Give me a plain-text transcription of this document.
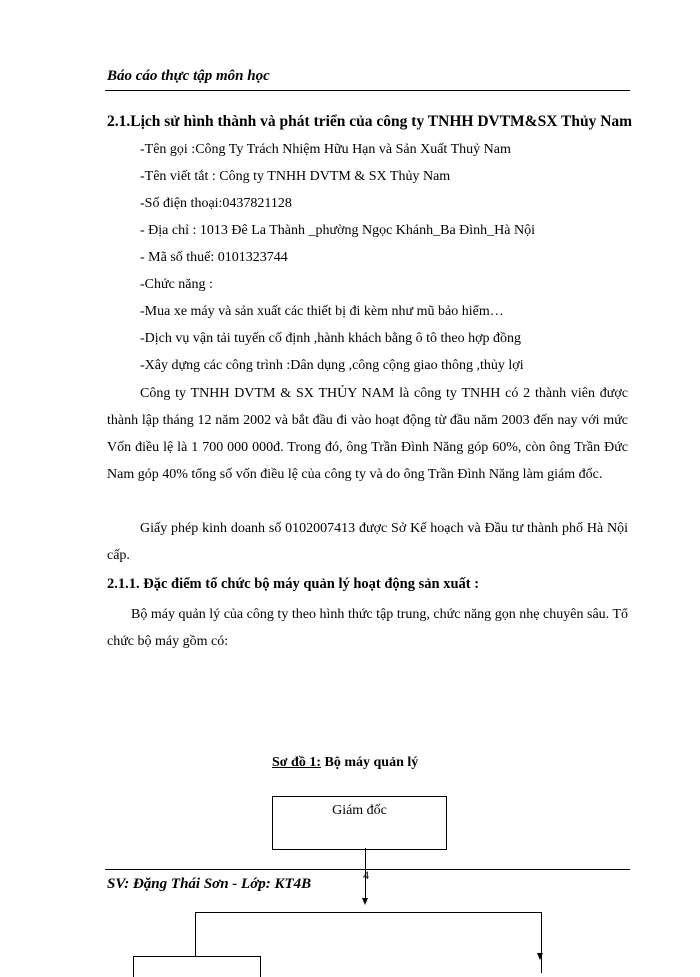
Báo cáo thực tập môn học
2.1.Lịch sử hình thành và phát triển của công ty TNHH DVTM&SX Thủy Nam
-Tên gọi :Công Ty Trách Nhiệm Hữu Hạn và Sản Xuất Thuỷ Nam
-Tên viết tắt : Công ty TNHH DVTM & SX Thủy Nam
-Số điện thoại:0437821128
- Địa chỉ : 1013 Đê La Thành _phường Ngọc Khánh_Ba Đình_Hà Nội
- Mã số thuế: 0101323744
-Chức năng :
-Mua xe máy và sản xuất các thiết bị đi kèm như mũ bảo hiểm…
-Dịch vụ vận tải tuyến cố định ,hành khách bằng ô tô theo hợp đồng
-Xây dựng các công trình :Dân dụng ,công cộng giao thông ,thủy lợi
Công ty TNHH DVTM & SX THỦY NAM là công ty TNHH có 2 thành viên được thành lập tháng 12 năm 2002 và bắt đầu đi vào hoạt động từ đầu năm 2003 đến nay với mức Vốn điều lệ là 1 700 000 000đ. Trong đó, ông Trần Đình Năng góp 60%, còn ông Trần Đức Nam góp 40% tổng số vốn điều lệ của công ty và do ông Trần Đình Năng làm giám đốc.
Giấy phép kinh doanh số 0102007413 được Sở Kế hoạch và Đầu tư thành phố Hà Nội cấp.
2.1.1. Đặc điểm tổ chức bộ máy quản lý hoạt động sản xuất :
Bộ máy quản lý của công ty theo hình thức tập trung, chức năng gọn nhẹ chuyên sâu. Tổ chức bộ máy gồm có:
Sơ đồ 1: Bộ máy quản lý
Giám đốc
SV: Đặng Thái Sơn - Lớp: KT4B
4
